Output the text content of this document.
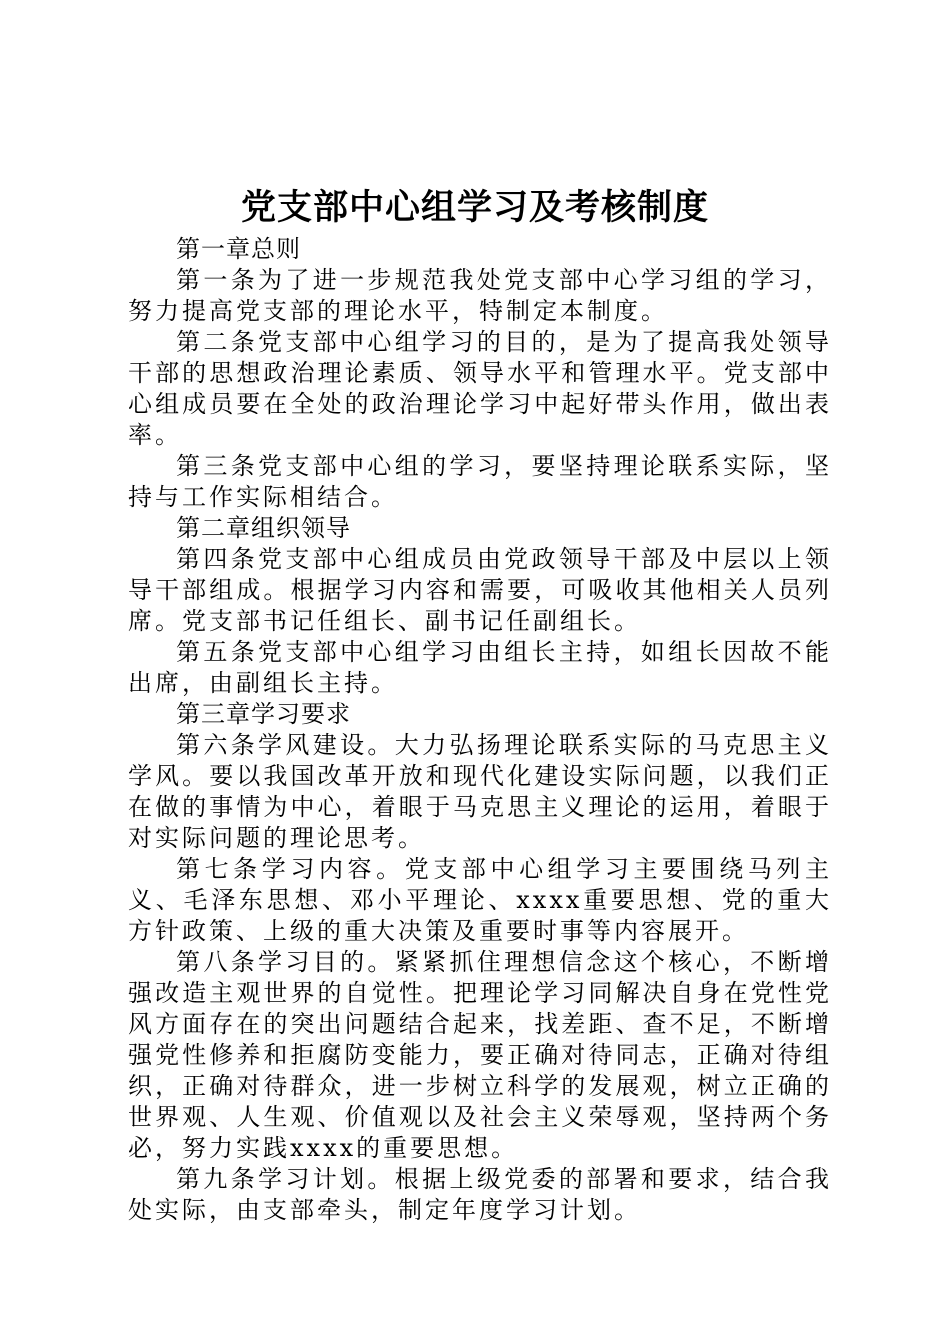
党支部中心组学习及考核制度

第一章总则

第一条为了进一步规范我处党支部中心学习组的学习，努力提高党支部的理论水平，特制定本制度。

第二条党支部中心组学习的目的，是为了提高我处领导干部的思想政治理论素质、领导水平和管理水平。党支部中心组成员要在全处的政治理论学习中起好带头作用，做出表率。

第三条党支部中心组的学习，要坚持理论联系实际，坚持与工作实际相结合。

第二章组织领导

第四条党支部中心组成员由党政领导干部及中层以上领导干部组成。根据学习内容和需要，可吸收其他相关人员列席。党支部书记任组长、副书记任副组长。

第五条党支部中心组学习由组长主持，如组长因故不能出席，由副组长主持。

第三章学习要求

第六条学风建设。大力弘扬理论联系实际的马克思主义学风。要以我国改革开放和现代化建设实际问题，以我们正在做的事情为中心，着眼于马克思主义理论的运用，着眼于对实际问题的理论思考。

第七条学习内容。党支部中心组学习主要围绕马列主义、毛泽东思想、邓小平理论、xxxx重要思想、党的重大方针政策、上级的重大决策及重要时事等内容展开。

第八条学习目的。紧紧抓住理想信念这个核心，不断增强改造主观世界的自觉性。把理论学习同解决自身在党性党风方面存在的突出问题结合起来，找差距、查不足，不断增强党性修养和拒腐防变能力，要正确对待同志，正确对待组织，正确对待群众，进一步树立科学的发展观，树立正确的世界观、人生观、价值观以及社会主义荣辱观，坚持两个务必，努力实践xxxx的重要思想。

第九条学习计划。根据上级党委的部署和要求，结合我处实际，由支部牵头，制定年度学习计划。
